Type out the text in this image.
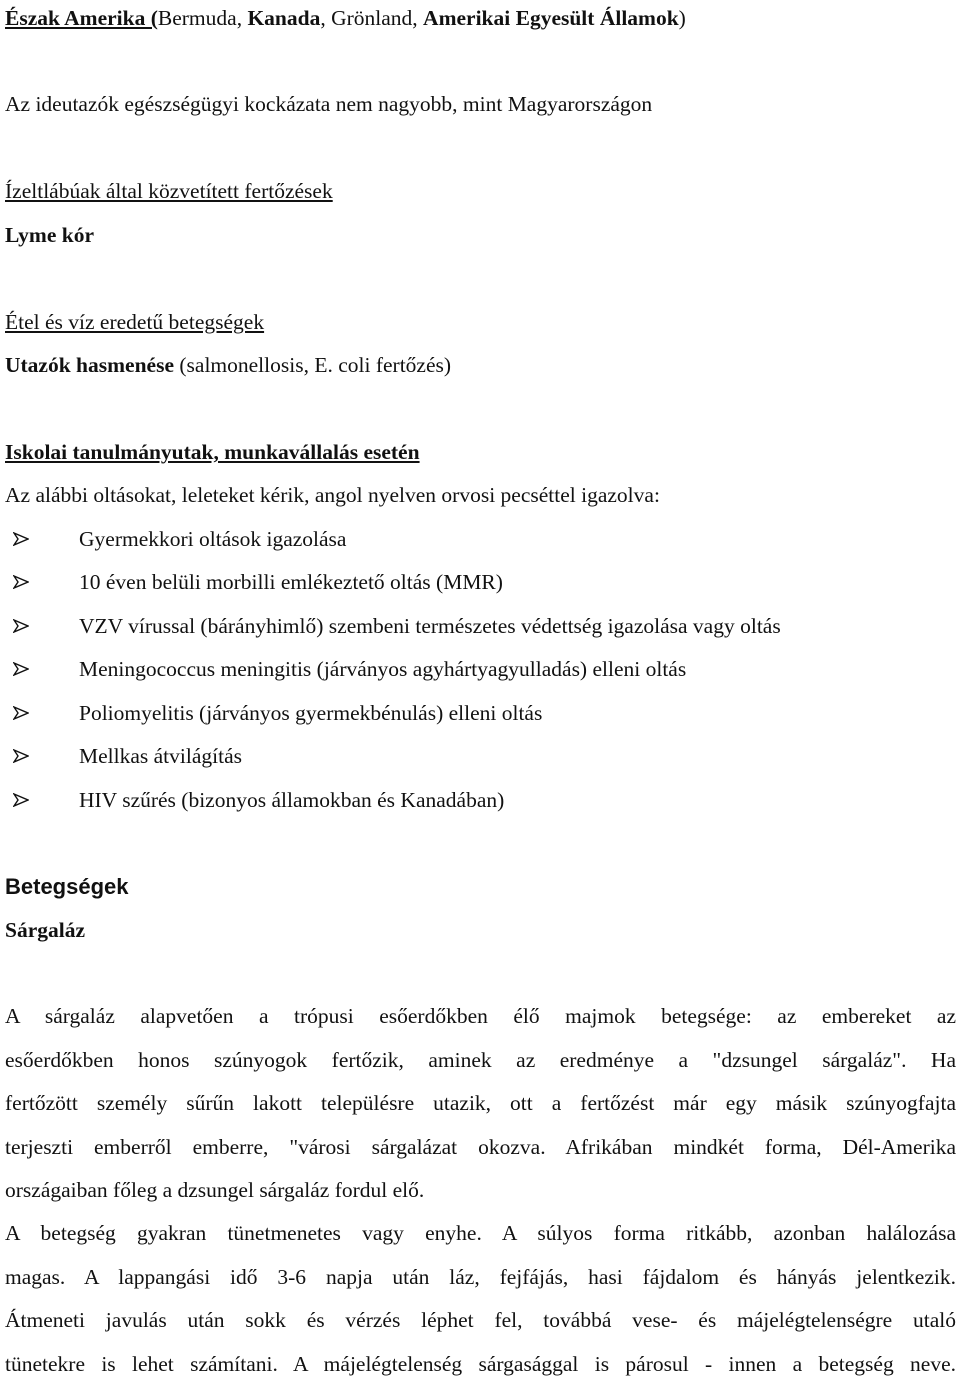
Észak Amerika (Bermuda, Kanada, Grönland, Amerikai Egyesült Államok)
Az ideutazók egészségügyi kockázata nem nagyobb, mint Magyarországon
Ízeltlábúak által közvetített fertőzések
Lyme kór
Étel és víz eredetű betegségek
Utazók hasmenése (salmonellosis, E. coli fertőzés)
Iskolai tanulmányutak, munkavállalás esetén
Az alábbi oltásokat, leleteket kérik, angol nyelven orvosi pecséttel igazolva:
Gyermekkori oltások igazolása
10 éven belüli morbilli emlékeztető oltás (MMR)
VZV vírussal (bárányhimlő) szembeni természetes védettség igazolása vagy oltás
Meningococcus meningitis (járványos agyhártyagyulladás) elleni oltás
Poliomyelitis (járványos gyermekbénulás) elleni oltás
Mellkas átvilágítás
HIV szűrés (bizonyos államokban és Kanadában)
Betegségek
Sárgaláz
A sárgaláz alapvetően a trópusi esőerdőkben élő majmok betegsége: az embereket az
esőerdőkben honos szúnyogok fertőzik, aminek az eredménye a "dzsungel sárgaláz". Ha
fertőzött személy sűrűn lakott településre utazik, ott a fertőzést már egy másik szúnyogfajta
terjeszti emberről emberre, "városi sárgalázat okozva. Afrikában mindkét forma, Dél-Amerika
országaiban főleg a dzsungel sárgaláz fordul elő.
A betegség gyakran tünetmenetes vagy enyhe. A súlyos forma ritkább, azonban halálozása
magas. A lappangási idő 3-6 napja után láz, fejfájás, hasi fájdalom és hányás jelentkezik.
Átmeneti javulás után sokk és vérzés léphet fel, továbbá vese- és májelégtelenségre utaló
tünetekre is lehet számítani. A májelégtelenség sárgasággal is párosul - innen a betegség neve.
